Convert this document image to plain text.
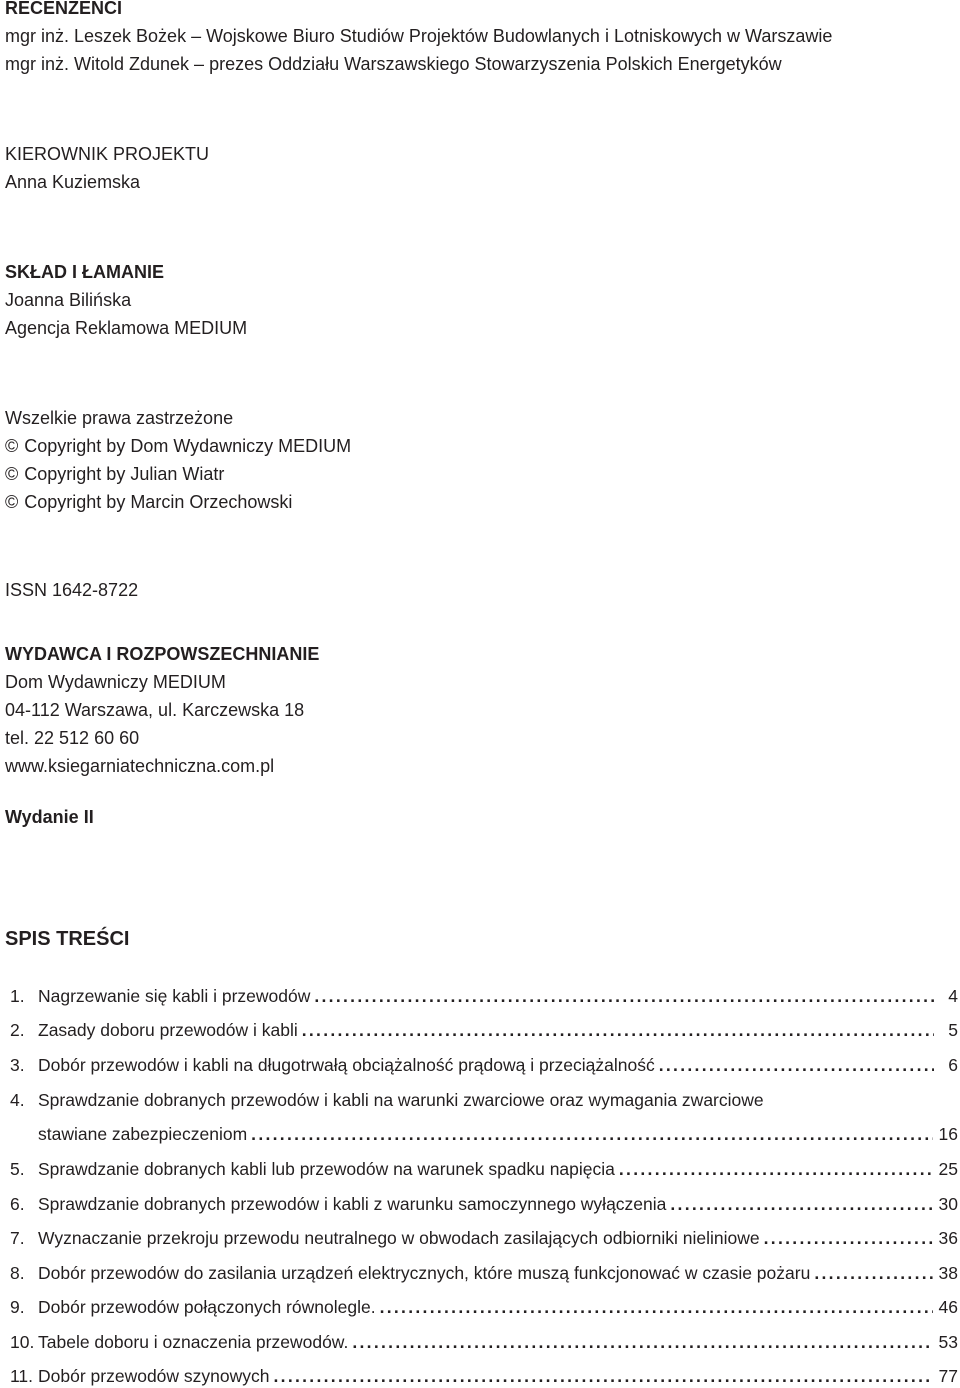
RECENZENCI
mgr inż. Leszek Bożek – Wojskowe Biuro Studiów Projektów Budowlanych i Lotniskowych w Warszawie
mgr inż. Witold Zdunek – prezes Oddziału Warszawskiego Stowarzyszenia Polskich Energetyków
KIEROWNIK PROJEKTU
Anna Kuziemska
SKŁAD I ŁAMANIE
Joanna Bilińska
Agencja Reklamowa MEDIUM
Wszelkie prawa zastrzeżone
© Copyright by Dom Wydawniczy MEDIUM
© Copyright by Julian Wiatr
© Copyright by Marcin Orzechowski
ISSN 1642-8722
WYDAWCA I ROZPOWSZECHNIANIE
Dom Wydawniczy MEDIUM
04-112 Warszawa, ul. Karczewska 18
tel. 22 512 60 60
www.ksiegarniatechniczna.com.pl
Wydanie II
SPIS TREŚCI
1. Nagrzewanie się kabli i przewodów .....	4
2. Zasady doboru przewodów i kabli .....	5
3. Dobór przewodów i kabli na długotrwałą obciążalność prądową i przeciążalność .....	6
4. Sprawdzanie dobranych przewodów i kabli na warunki zwarciowe oraz wymagania zwarciowe
stawiane zabezpieczeniom .....	16
5. Sprawdzanie dobranych kabli lub przewodów na warunek spadku napięcia .....	25
6. Sprawdzanie dobranych przewodów i kabli z warunku samoczynnego wyłączenia .....	30
7. Wyznaczanie przekroju przewodu neutralnego w obwodach zasilających odbiorniki nieliniowe .....	36
8. Dobór przewodów do zasilania urządzeń elektrycznych, które muszą funkcjonować w czasie pożaru .....	38
9. Dobór przewodów połączonych równolegle. .....	46
10. Tabele doboru i oznaczenia przewodów. .....	53
11. Dobór przewodów szynowych .....	77
